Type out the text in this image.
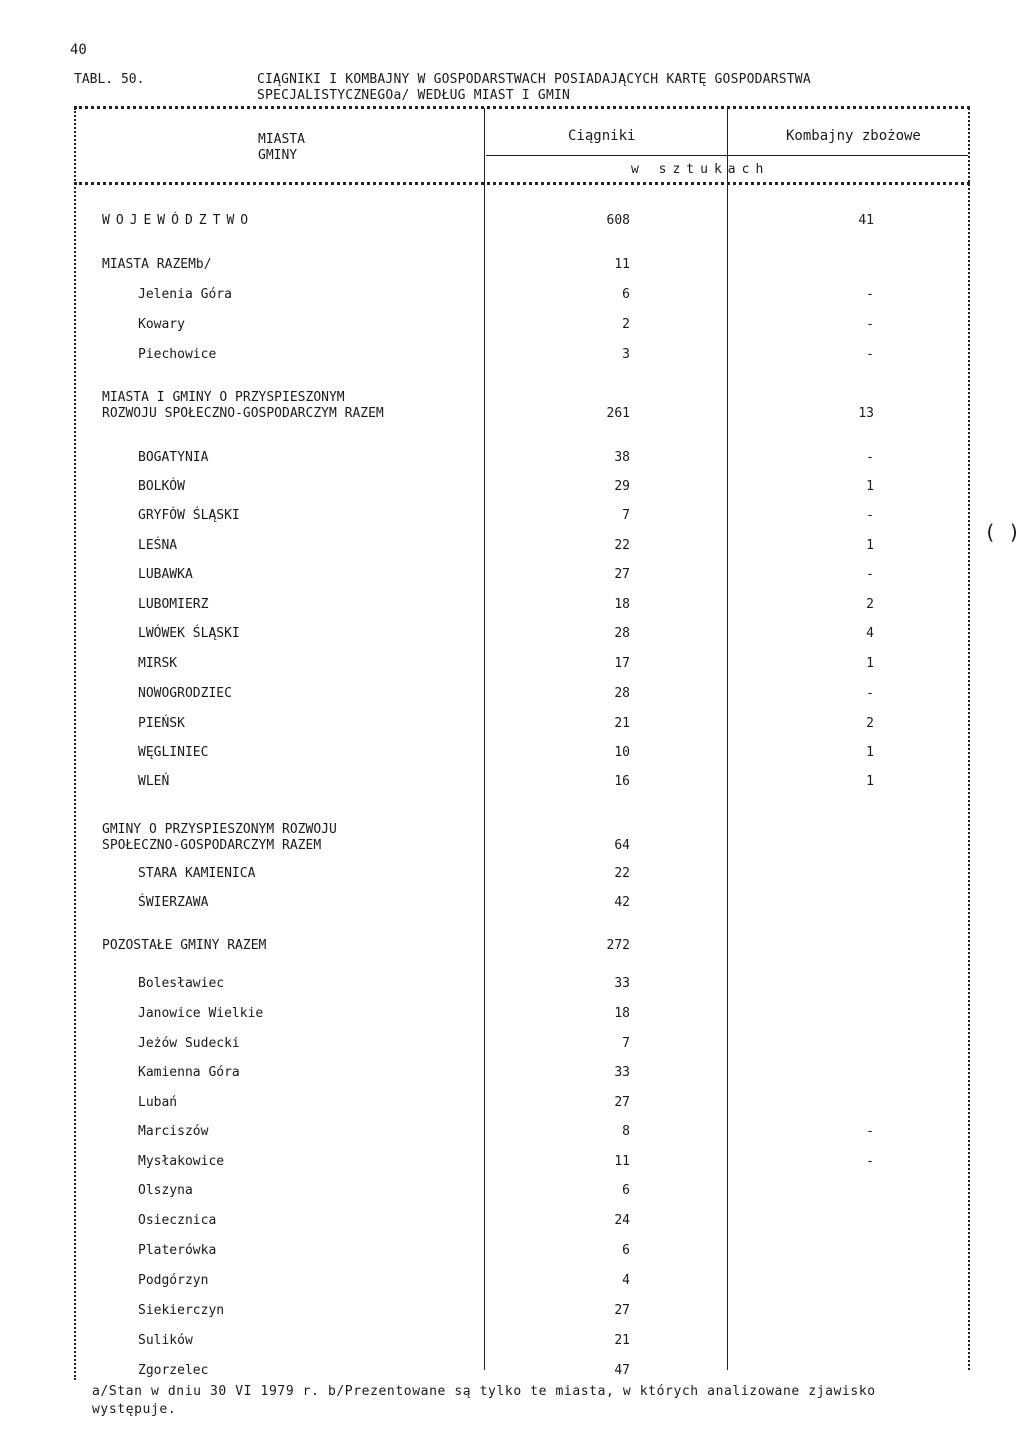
40
TABL. 50.	CIĄGNIKI I KOMBAJNY W GOSPODARSTWACH POSIADAJĄCYCH KARTĘ GOSPODARSTWA
SPECJALISTYCZNEGOa/ WEDŁUG MIAST I GMIN
MIASTA
GMINY
Ciągniki	Kombajny zbożowe
w sztukach
WOJEWÓDZTWO	608	41
MIASTA RAZEMb/	11
Jelenia Góra	6	-
Kowary	2	-
Piechowice	3	-
MIASTA I GMINY O PRZYSPIESZONYM
ROZWOJU SPOŁECZNO-GOSPODARCZYM RAZEM	261	13
BOGATYNIA	38	-
BOLKÓW	29	1
GRYFÓW ŚLĄSKI	7	-
LEŚNA	22	1
LUBAWKA	27	-
LUBOMIERZ	18	2
LWÓWEK ŚLĄSKI	28	4
MIRSK	17	1
NOWOGRODZIEC	28	-
PIEŃSK	21	2
WĘGLINIEC	10	1
WLEŃ	16	1
GMINY O PRZYSPIESZONYM ROZWOJU
SPOŁECZNO-GOSPODARCZYM RAZEM	64
STARA KAMIENICA	22
ŚWIERZAWA	42
POZOSTAŁE GMINY RAZEM	272
Bolesławiec	33
Janowice Wielkie	18
Jeżów Sudecki	7
Kamienna Góra	33
Lubań	27
Marciszów	8	-
Mysłakowice	11	-
Olszyna	6
Osiecznica	24
Platerówka	6
Podgórzyn	4
Siekierczyn	27
Sulików	21
Zgorzelec	47
a/Stan w dniu 30 VI 1979 r. b/Prezentowane są tylko te miasta, w których analizowane zjawisko
występuje.
( )
